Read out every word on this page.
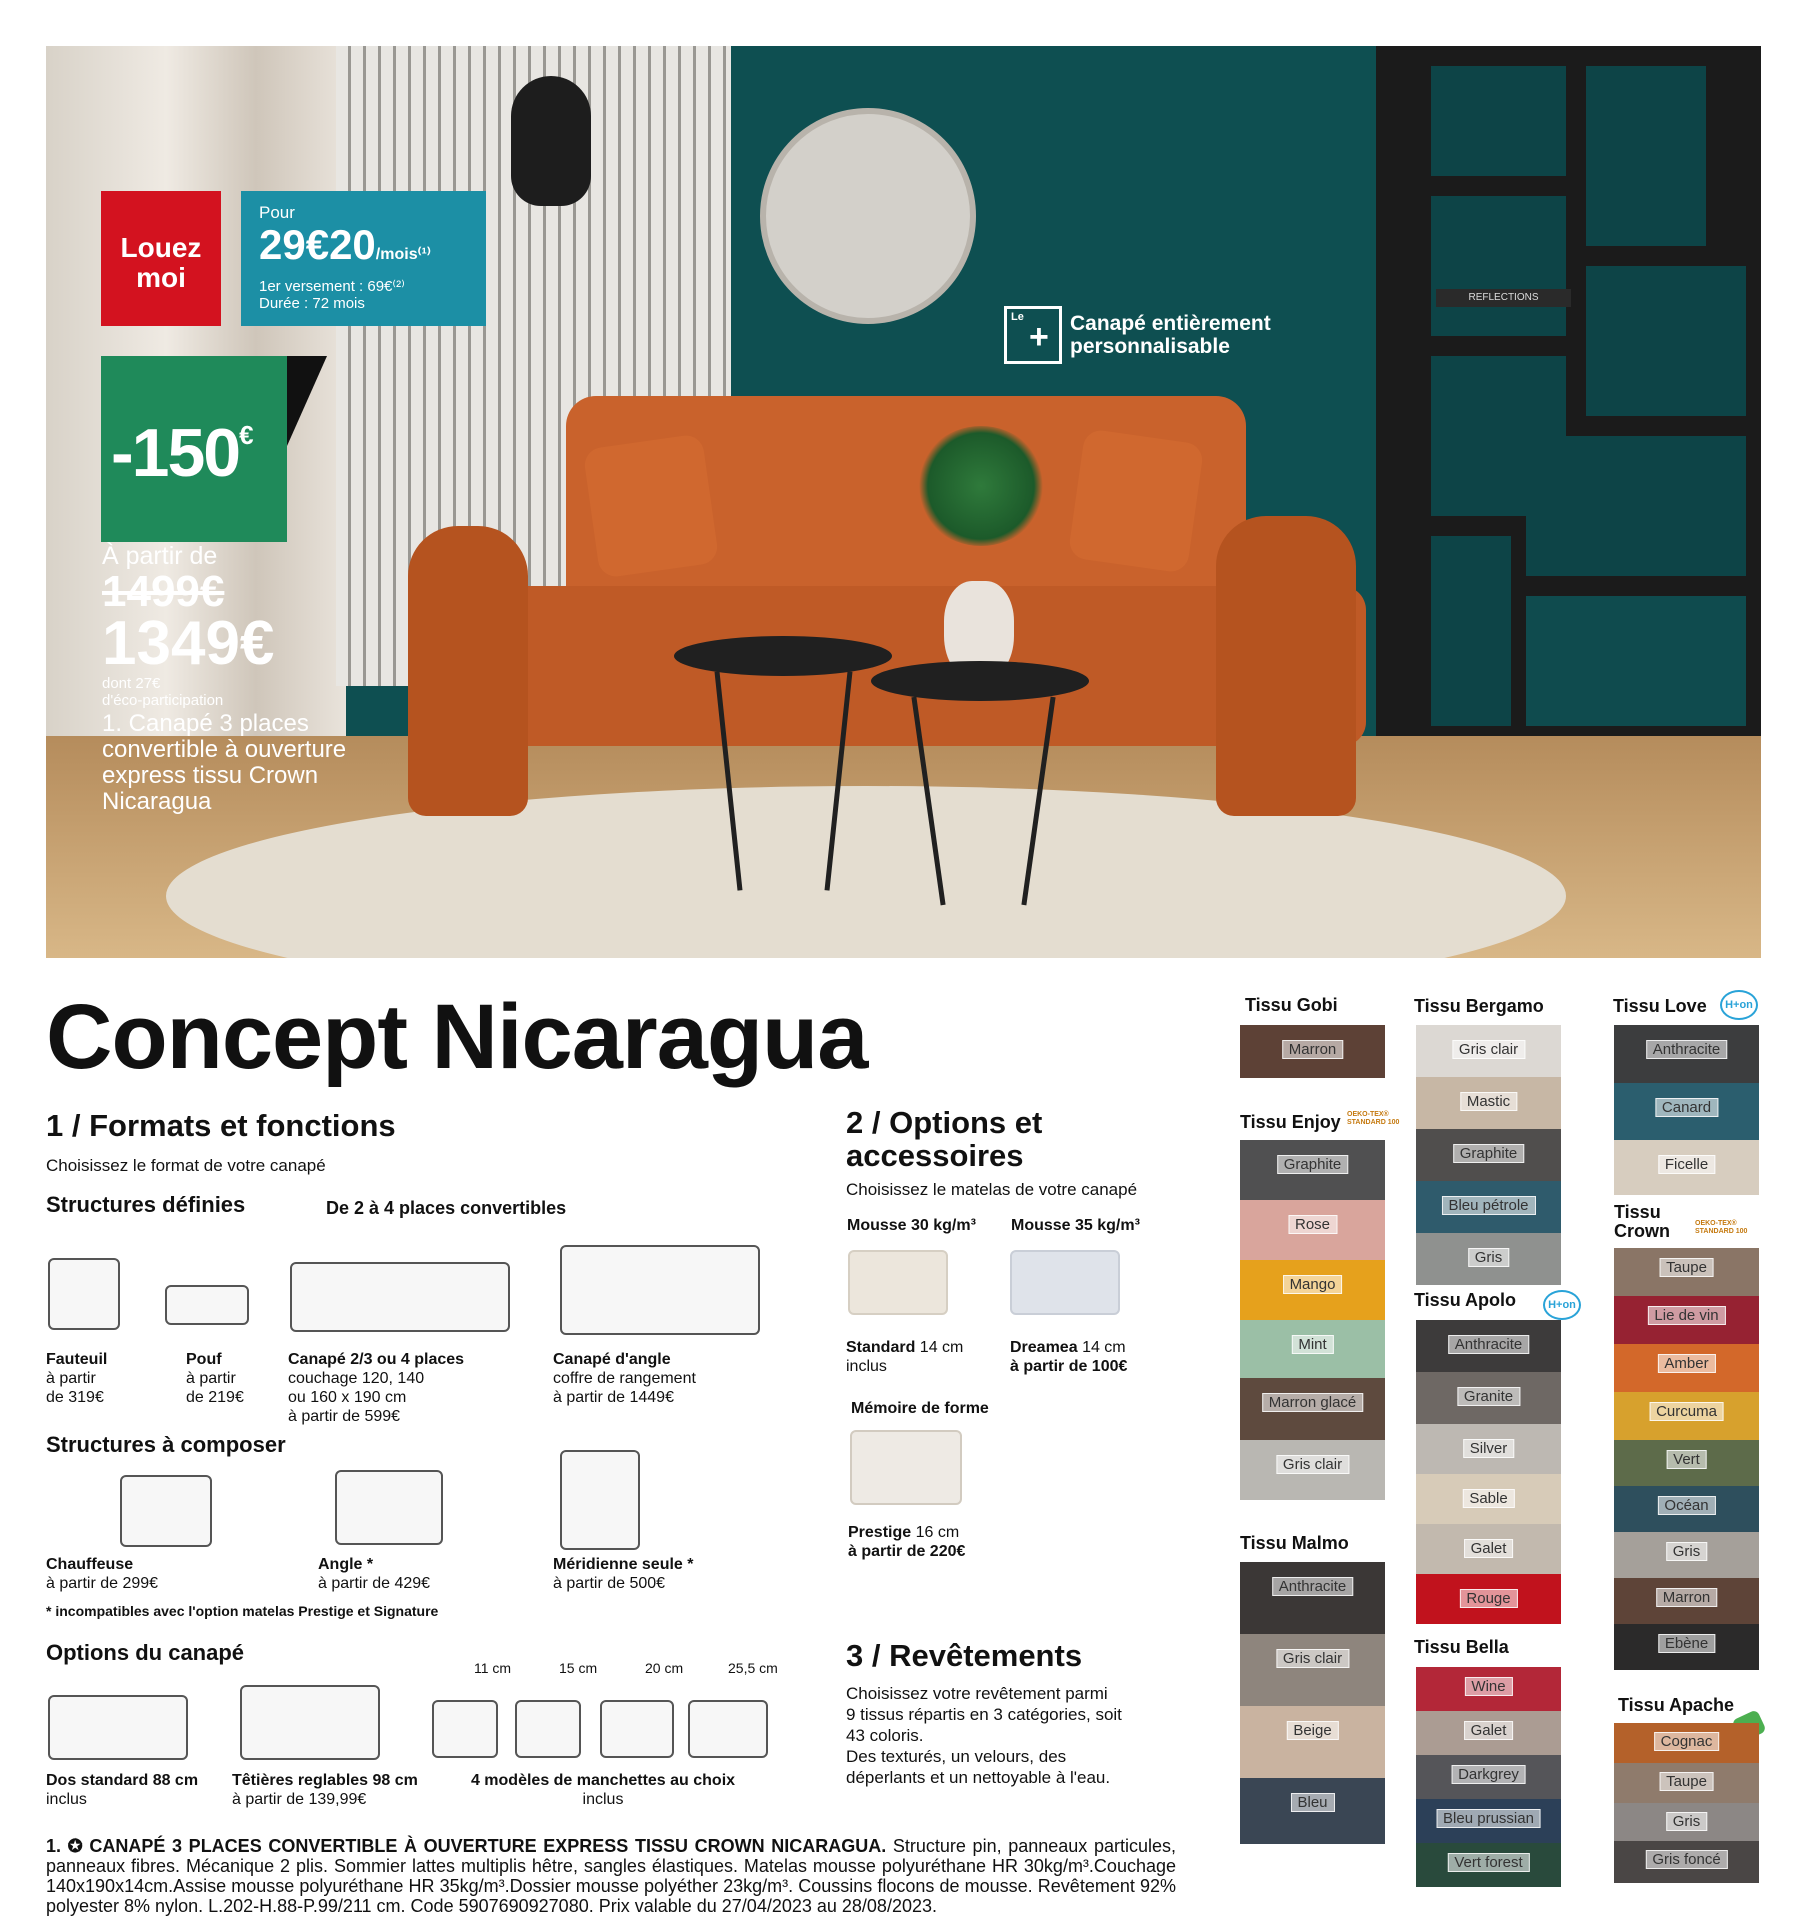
REFLECTIONS
Louez moi
Pour
29€20/mois⁽¹⁾
1er versement : 69€⁽²⁾
Durée : 72 mois
-150€
À partir de
1499€
1349€
dont 27€
d'éco-participation
1. Canapé 3 places convertible à ouverture express tissu Crown Nicaragua
Le
+ Canapé entièrement personnalisable
Concept Nicaragua
1 / Formats et fonctions
Choisissez le format de votre canapé
Structures définies	De 2 à 4 places convertibles
Fauteuil
à partir
de 319€
Pouf
à partir
de 219€
Canapé 2/3 ou 4 places
couchage 120, 140
ou 160 x 190 cm
à partir de 599€
Canapé d'angle
coffre de rangement
à partir de 1449€
Structures à composer
Chauffeuse
à partir de 299€
Angle *
à partir de 429€
Méridienne seule *
à partir de 500€
* incompatibles avec l'option matelas Prestige et Signature
Options du canapé
11 cm	15 cm	20 cm	25,5 cm
Dos standard 88 cm
inclus
Têtières reglables 98 cm
à partir de 139,99€
4 modèles de manchettes au choix
inclus
2 / Options et
accessoires
Choisissez le matelas de votre canapé
Mousse 30 kg/m³ Mousse 35 kg/m³
Standard 14 cm
inclus
Dreamea 14 cm
à partir de 100€
Mémoire de forme
Prestige 16 cm
à partir de 220€
3 / Revêtements
Choisissez votre revêtement parmi
9 tissus répartis en 3 catégories, soit
43 coloris.
Des texturés, un velours, des
déperlants et un nettoyable à l'eau.
Tissu Gobi
Marron
Tissu Enjoy OEKO-TEX® STANDARD 100
Graphite
Rose
Mango
Mint
Marron glacé
Gris clair
Tissu Malmo
Anthracite
Gris clair
Beige
Bleu
Tissu Bergamo
Gris clair
Mastic
Graphite
Bleu pétrole
Gris
Tissu Apolo	H+on
Anthracite
Granite
Silver
Sable
Galet
Rouge
Tissu Bella
Wine
Galet
Darkgrey
Bleu prussian
Vert forest
Tissu Love	H+on
Anthracite
Canard
Ficelle
Tissu
Crown	OEKO-TEX® STANDARD 100
Taupe
Lie de vin
Amber
Curcuma
Vert
Océan
Gris
Marron
Ebène
Tissu Apache
Cognac
Taupe
Gris
Gris foncé
1. ✪ CANAPÉ 3 PLACES CONVERTIBLE À OUVERTURE EXPRESS TISSU CROWN NICARAGUA. Structure pin, panneaux particules, panneaux fibres. Mécanique 2 plis. Sommier lattes multiplis hêtre, sangles élastiques. Matelas mousse polyuréthane HR 30kg/m³.Couchage 140x190x14cm.Assise mousse polyuréthane HR 35kg/m³.Dossier mousse polyéther 23kg/m³. Coussins flocons de mousse. Revêtement 92% polyester 8% nylon. L.202-H.88-P.99/211 cm. Code 5907690927080. Prix valable du 27/04/2023 au 28/08/2023.
